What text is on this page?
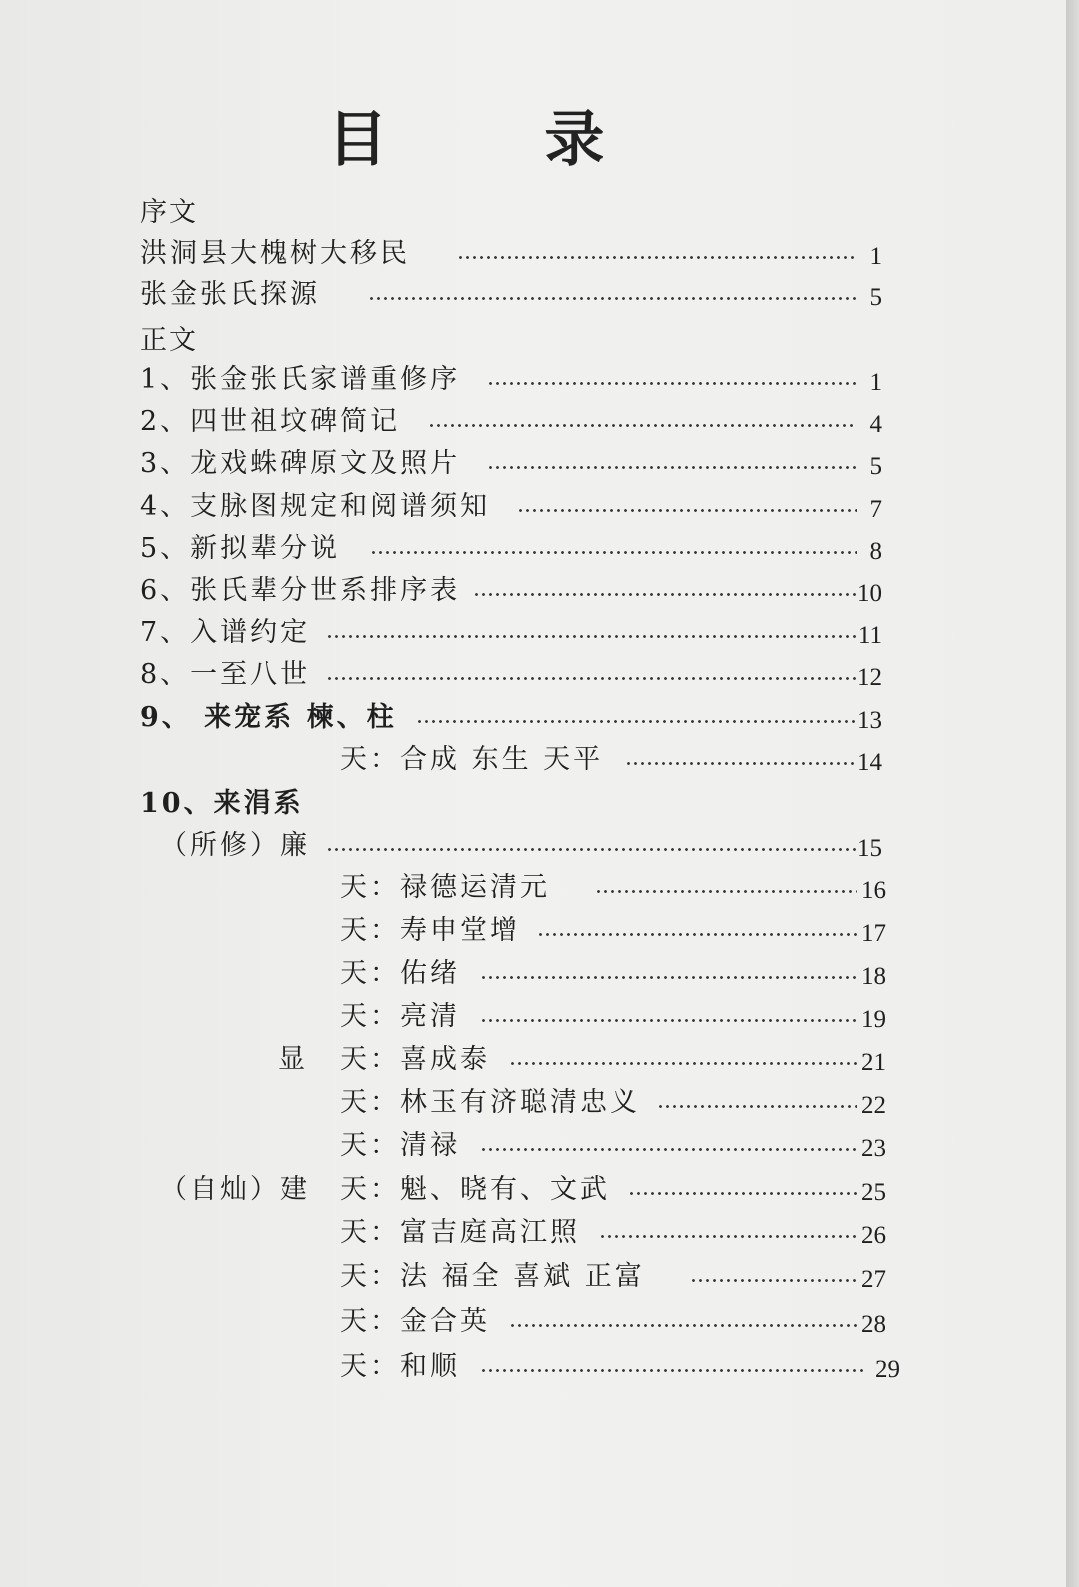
目 录
序文
洪洞县大槐树大移民	1
张金张氏探源	5
正文
1、张金张氏家谱重修序	1
2、四世祖坟碑简记	4
3、龙戏蛛碑原文及照片	5
4、支脉图规定和阅谱须知	7
5、新拟辈分说	8
6、张氏辈分世系排序表	10
7、入谱约定	11
8、一至八世	12
9、 来宠系 楝、柱	13
天：合成 东生 天平	14
10、来涓系
（所修）廉	15
天：禄德运清元	16
天：寿申堂增	17
天：佑绪	18
天：亮清	19
显 天：喜成泰	21
天：林玉有济聪清忠义	22
天：清禄	23
（自灿）建 天：魁、晓有、文武	25
天：富吉庭高江照	26
天：法 福全 喜斌 正富	27
天：金合英	28
天：和顺	29
